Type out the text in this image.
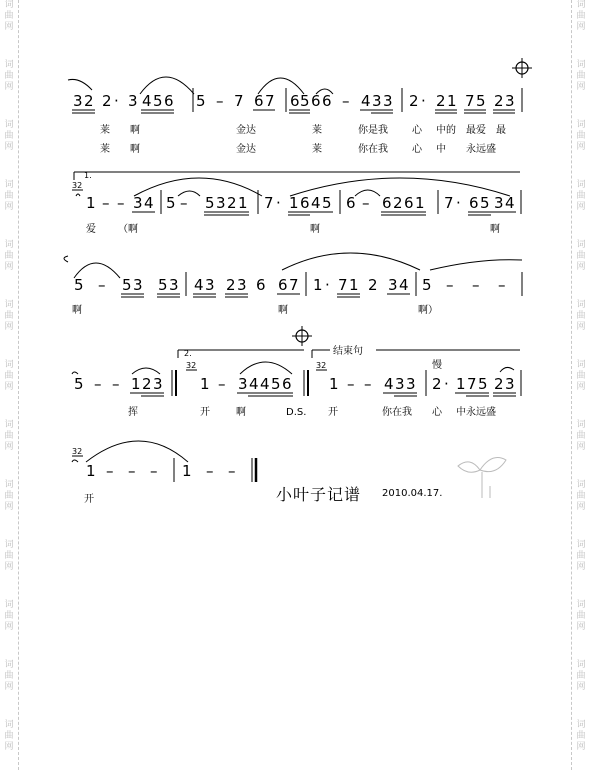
词
曲
网
词
曲
网
词
曲
网
词
曲
网
词
曲
网
词
曲
网
词
曲
网
词
曲
网
词
曲
网
词
曲
网
词
曲
网
词
曲
网
词
曲
网
词
曲
网
词
曲
网
词
曲
网
词
曲
网
词
曲
网
词
曲
网
词
曲
网
词
曲
网
词
曲
网
词
曲
网
词
曲
网
词
曲
网
词
曲
网
3 2 2 · 3 4 5 6 5 – 7 6 7 6 5 6 6 – 4 3 3 2 · 2 1 7 5 2 3
莱 啊	金达	莱	你是我 心 中的 最爱 最
莱 啊	金达	莱	你在我 心 中 永远盛
1.
32
1 – – 3 4 5 – 5 3 2 1 7 · 1 6 4 5 6 – 6 2 6 1 7 · 6 5 3 4
爱 （啊	啊	啊
5 – 5 3 5 3 4 3 2 3 6 6 7 1 · 7 1 2 3 4 5 – – –
啊	啊	啊）
2.	结束句
慢
32	32
5 – – 1 2 3 1 – 3 4 4 5 6 1 – – 4 3 3 2 · 1 7 5 2 3
挥	开	啊	D.S. 开	你在我 心 中永远盛
32
1 – – – 1 – –
开	小叶子记谱 2010.04.17.
